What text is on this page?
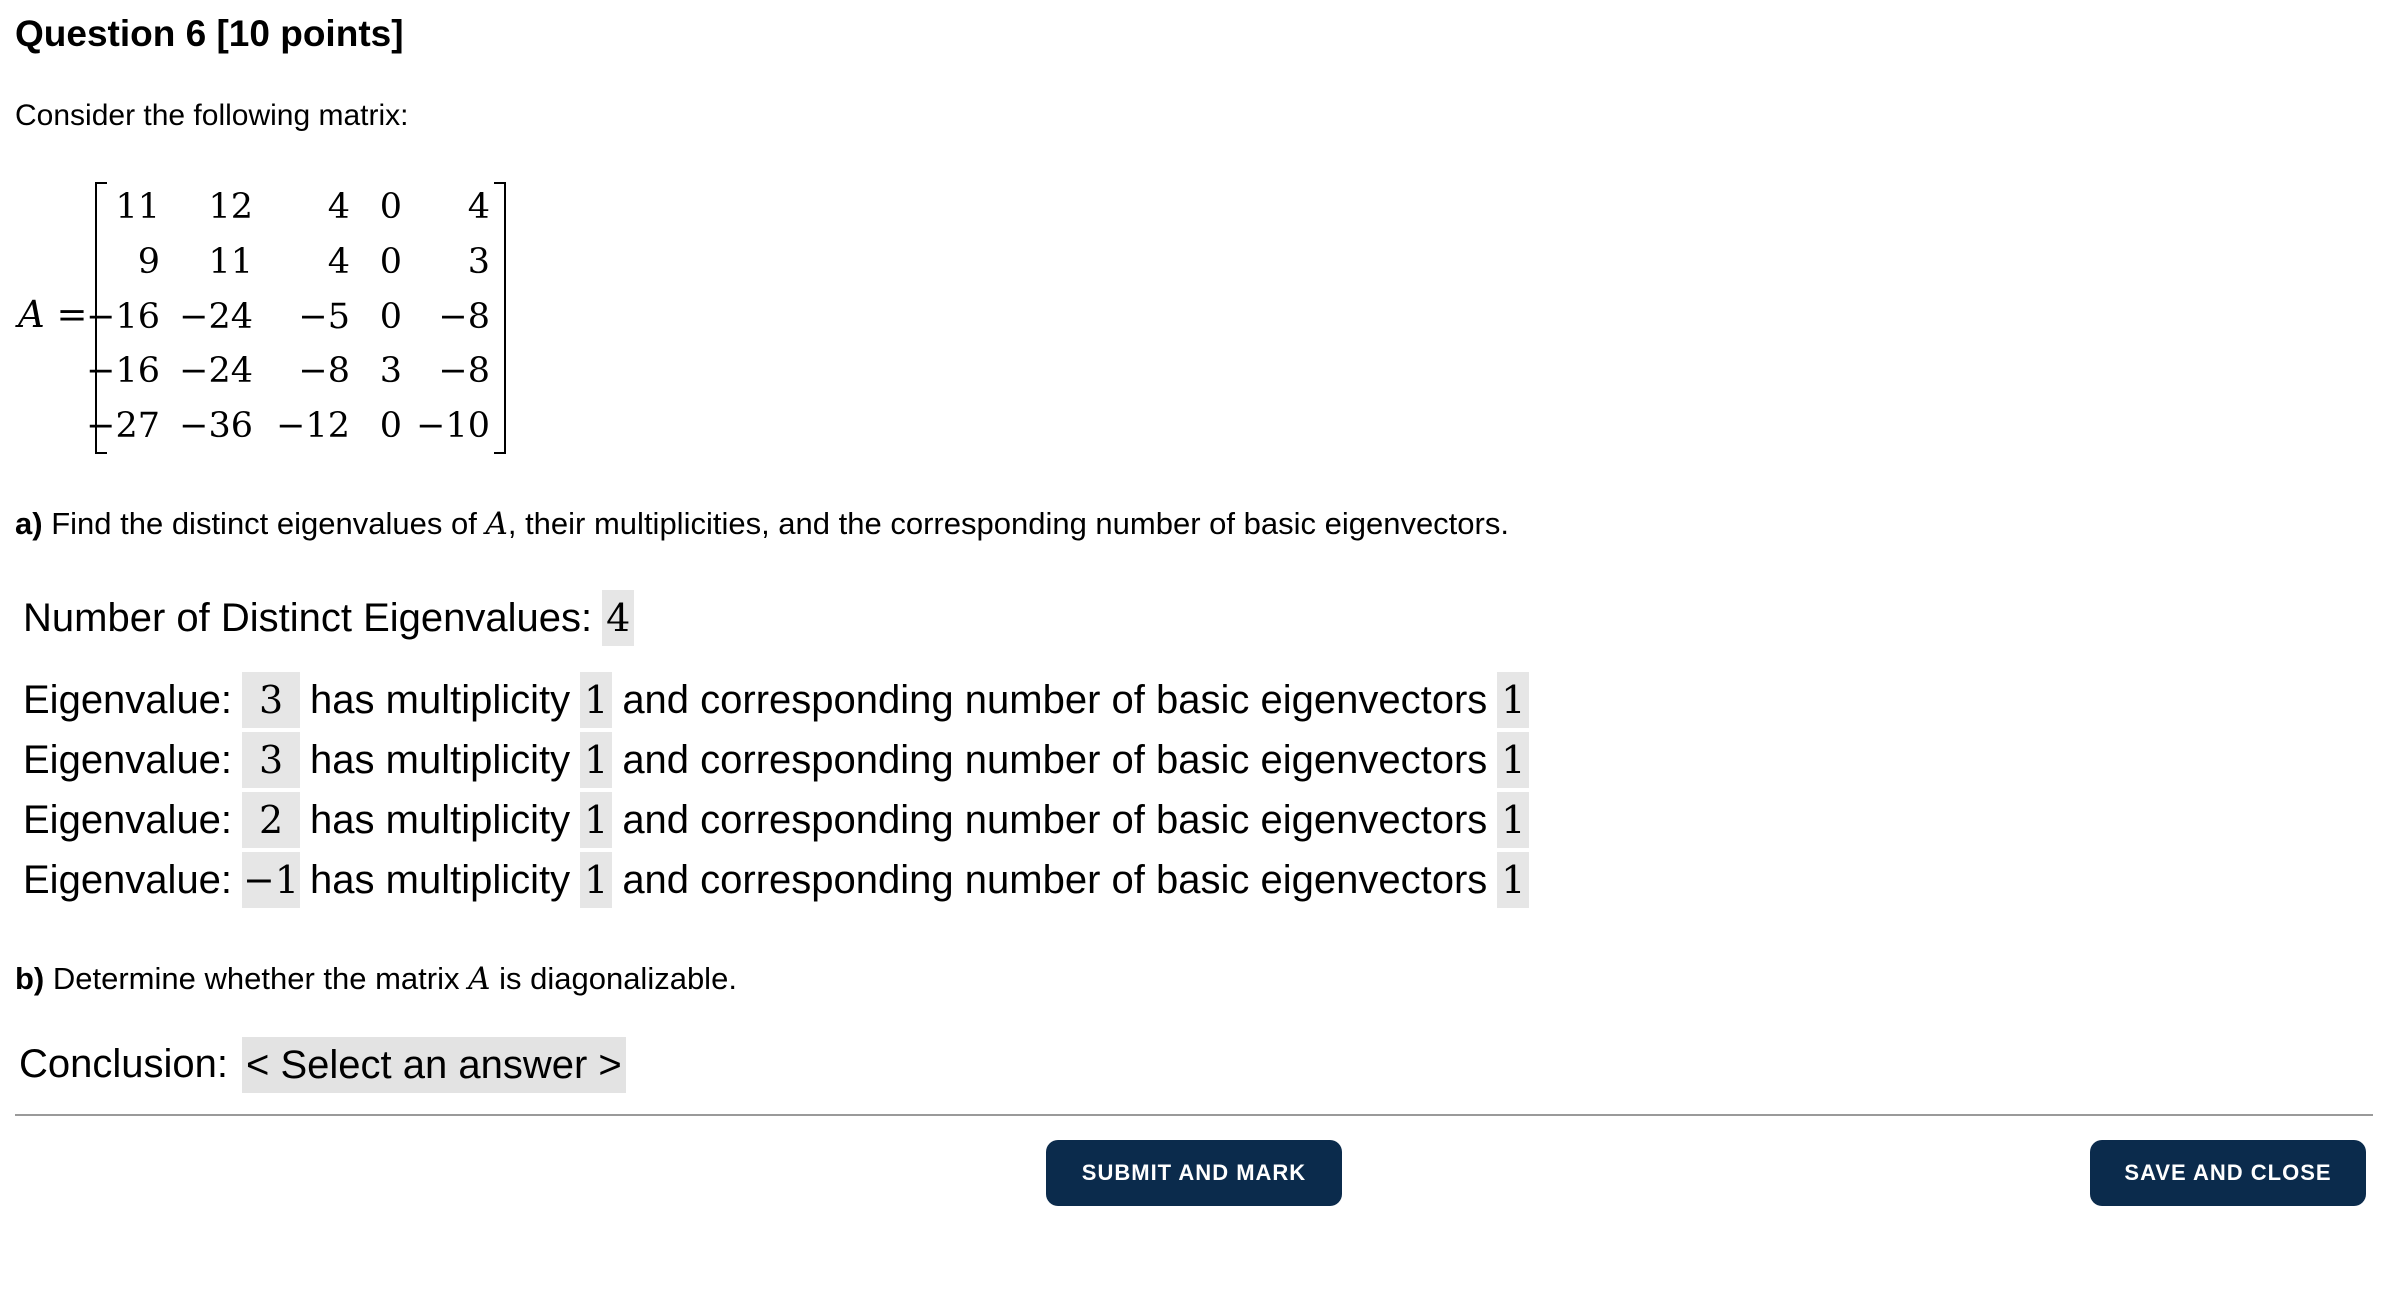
Question 6 [10 points]
Consider the following matrix:
A =
11 12 4 0 4
9 11 4 0 3
−16 −24 −5 0 −8
−16 −24 −8 3 −8
−27 −36 −12 0 −10
a) Find the distinct eigenvalues of A, their multiplicities, and the corresponding number of basic eigenvectors.
Number of Distinct Eigenvalues: 4
Eigenvalue: 3 has multiplicity 1 and corresponding number of basic eigenvectors 1
Eigenvalue: 3 has multiplicity 1 and corresponding number of basic eigenvectors 1
Eigenvalue: 2 has multiplicity 1 and corresponding number of basic eigenvectors 1
Eigenvalue: −1 has multiplicity 1 and corresponding number of basic eigenvectors 1
b) Determine whether the matrix A is diagonalizable.
Conclusion: < Select an answer >
SUBMIT AND MARK	SAVE AND CLOSE
